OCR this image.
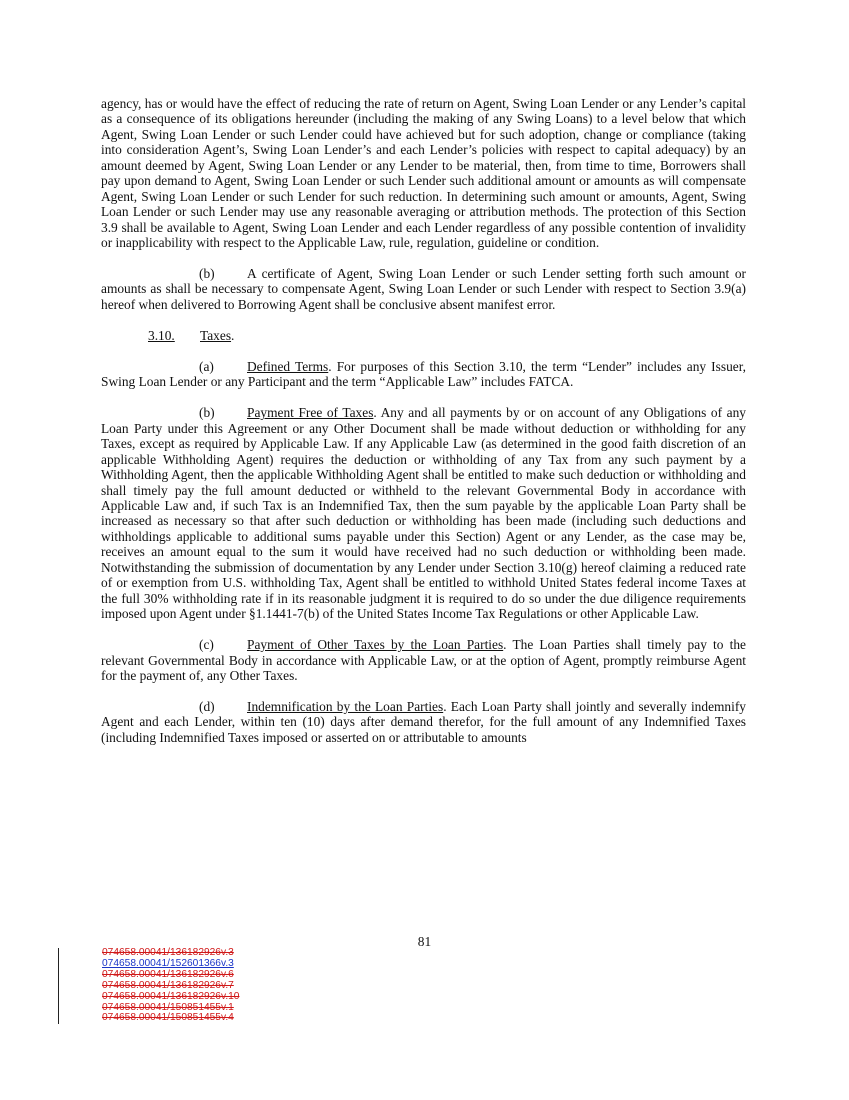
agency, has or would have the effect of reducing the rate of return on Agent, Swing Loan Lender or any Lender’s capital as a consequence of its obligations hereunder (including the making of any Swing Loans) to a level below that which Agent, Swing Loan Lender or such Lender could have achieved but for such adoption, change or compliance (taking into consideration Agent’s, Swing Loan Lender’s and each Lender’s policies with respect to capital adequacy) by an amount deemed by Agent, Swing Loan Lender or any Lender to be material, then, from time to time, Borrowers shall pay upon demand to Agent, Swing Loan Lender or such Lender such additional amount or amounts as will compensate Agent, Swing Loan Lender or such Lender for such reduction. In determining such amount or amounts, Agent, Swing Loan Lender or such Lender may use any reasonable averaging or attribution methods. The protection of this Section 3.9 shall be available to Agent, Swing Loan Lender and each Lender regardless of any possible contention of invalidity or inapplicability with respect to the Applicable Law, rule, regulation, guideline or condition.

(b) A certificate of Agent, Swing Loan Lender or such Lender setting forth such amount or amounts as shall be necessary to compensate Agent, Swing Loan Lender or such Lender with respect to Section 3.9(a) hereof when delivered to Borrowing Agent shall be conclusive absent manifest error.

3.10. Taxes.

(a) Defined Terms. For purposes of this Section 3.10, the term “Lender” includes any Issuer, Swing Loan Lender or any Participant and the term “Applicable Law” includes FATCA.

(b) Payment Free of Taxes. Any and all payments by or on account of any Obligations of any Loan Party under this Agreement or any Other Document shall be made without deduction or withholding for any Taxes, except as required by Applicable Law. If any Applicable Law (as determined in the good faith discretion of an applicable Withholding Agent) requires the deduction or withholding of any Tax from any such payment by a Withholding Agent, then the applicable Withholding Agent shall be entitled to make such deduction or withholding and shall timely pay the full amount deducted or withheld to the relevant Governmental Body in accordance with Applicable Law and, if such Tax is an Indemnified Tax, then the sum payable by the applicable Loan Party shall be increased as necessary so that after such deduction or withholding has been made (including such deductions and withholdings applicable to additional sums payable under this Section) Agent or any Lender, as the case may be, receives an amount equal to the sum it would have received had no such deduction or withholding been made. Notwithstanding the submission of documentation by any Lender under Section 3.10(g) hereof claiming a reduced rate of or exemption from U.S. withholding Tax, Agent shall be entitled to withhold United States federal income Taxes at the full 30% withholding rate if in its reasonable judgment it is required to do so under the due diligence requirements imposed upon Agent under §1.1441-7(b) of the United States Income Tax Regulations or other Applicable Law.

(c) Payment of Other Taxes by the Loan Parties. The Loan Parties shall timely pay to the relevant Governmental Body in accordance with Applicable Law, or at the option of Agent, promptly reimburse Agent for the payment of, any Other Taxes.

(d) Indemnification by the Loan Parties. Each Loan Party shall jointly and severally indemnify Agent and each Lender, within ten (10) days after demand therefor, for the full amount of any Indemnified Taxes (including Indemnified Taxes imposed or asserted on or attributable to amounts

81
074658.00041/136182926v.3
074658.00041/152601366v.3
074658.00041/136182926v.6
074658.00041/136182926v.7
074658.00041/136182926v.10
074658.00041/150851455v.1
074658.00041/150851455v.4
